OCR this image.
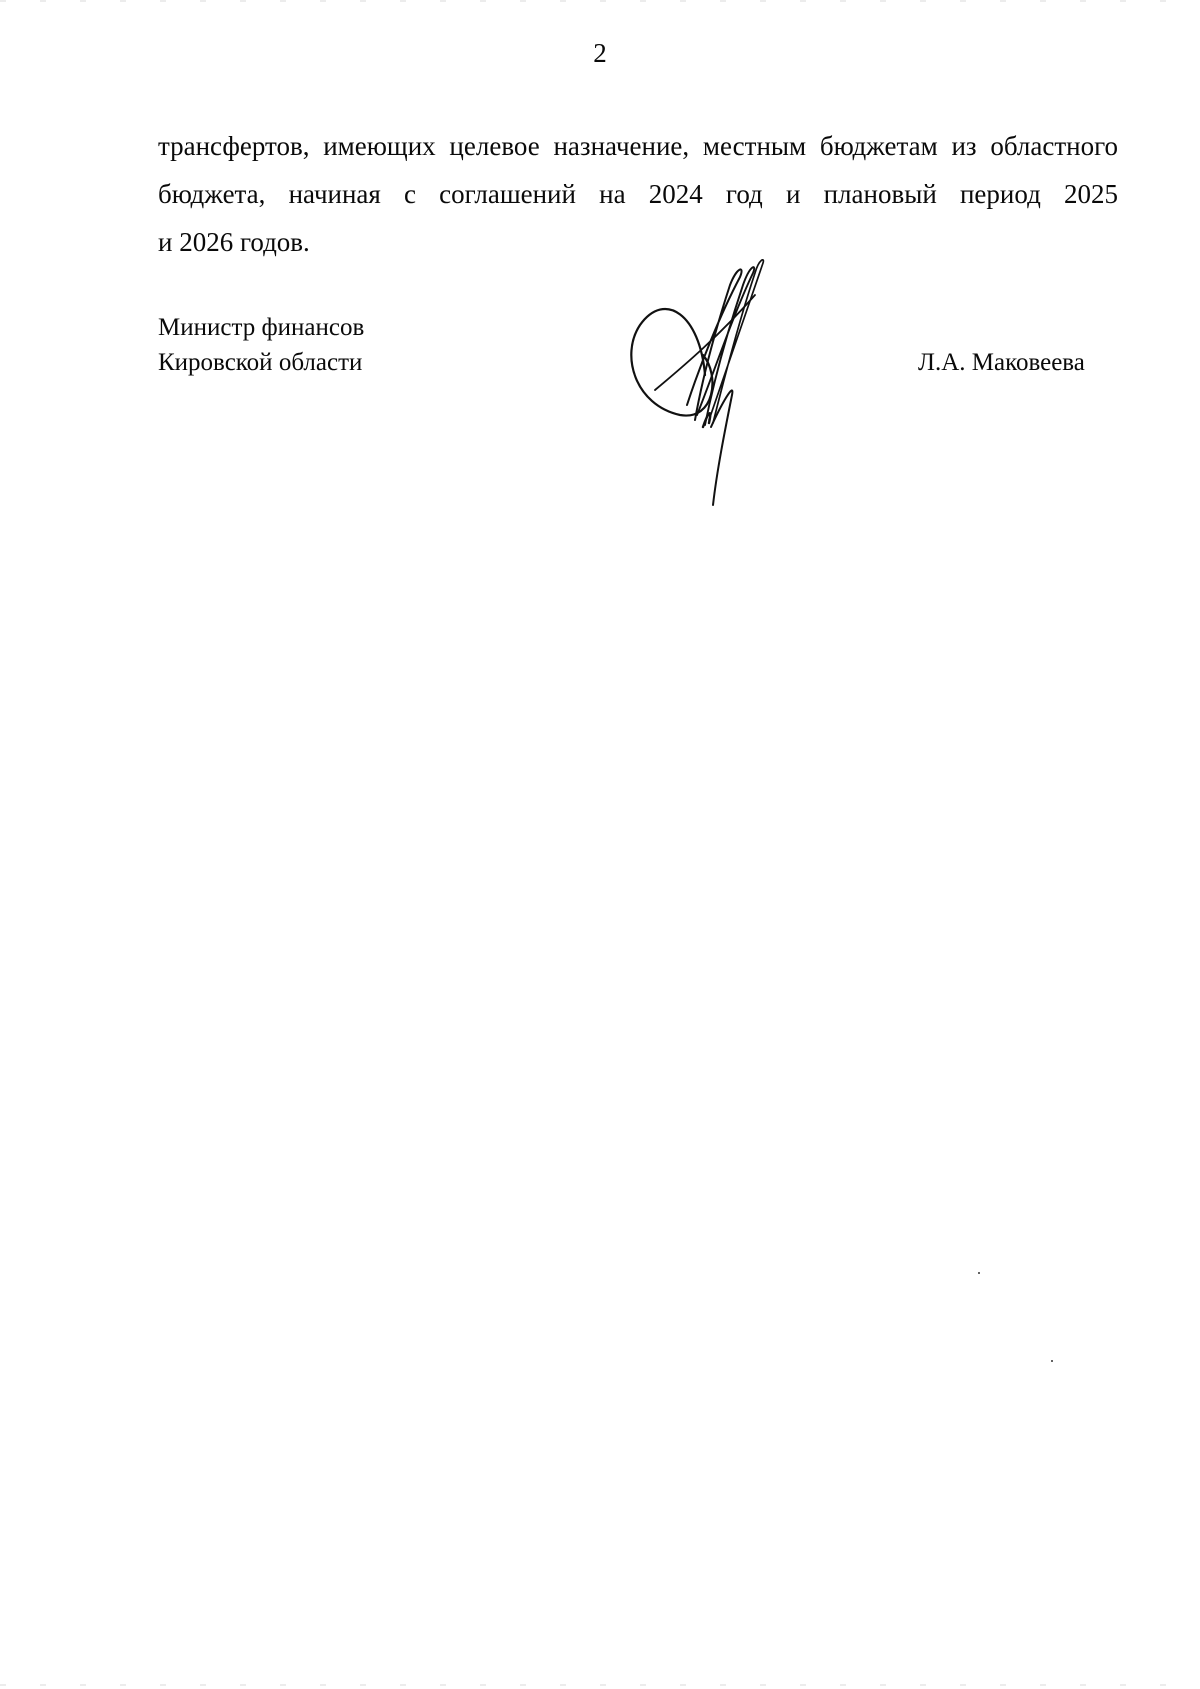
2
трансфертов, имеющих целевое назначение, местным бюджетам из областного
бюджета, начиная с соглашений на 2024 год и плановый период 2025
и 2026 годов.
Министр финансов
Кировской области	Л.А. Маковеева
